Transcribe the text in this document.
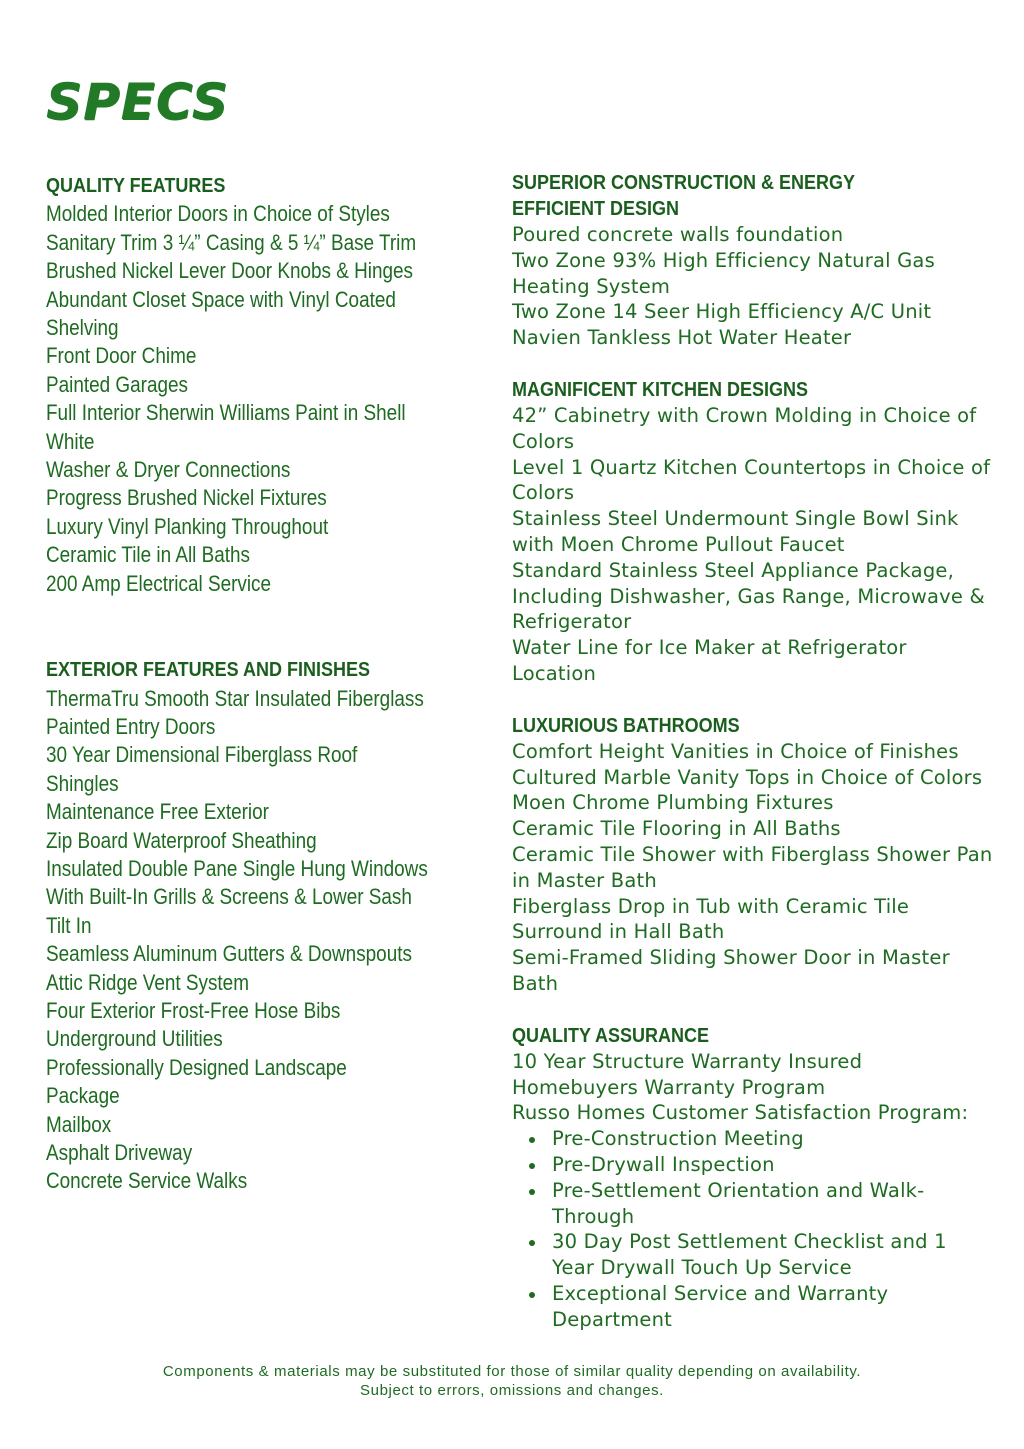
SPECS
QUALITY FEATURES
Molded Interior Doors in Choice of Styles
Sanitary Trim 3 ¼” Casing & 5 ¼” Base Trim
Brushed Nickel Lever Door Knobs & Hinges
Abundant Closet Space with Vinyl Coated
Shelving
Front Door Chime
Painted Garages
Full Interior Sherwin Williams Paint in Shell
White
Washer & Dryer Connections
Progress Brushed Nickel Fixtures
Luxury Vinyl Planking Throughout
Ceramic Tile in All Baths
200 Amp Electrical Service
EXTERIOR FEATURES AND FINISHES
ThermaTru Smooth Star Insulated Fiberglass
Painted Entry Doors
30 Year Dimensional Fiberglass Roof
Shingles
Maintenance Free Exterior
Zip Board Waterproof Sheathing
Insulated Double Pane Single Hung Windows
With Built-In Grills & Screens & Lower Sash
Tilt In
Seamless Aluminum Gutters & Downspouts
Attic Ridge Vent System
Four Exterior Frost-Free Hose Bibs
Underground Utilities
Professionally Designed Landscape
Package
Mailbox
Asphalt Driveway
Concrete Service Walks
SUPERIOR CONSTRUCTION & ENERGY
EFFICIENT DESIGN
Poured concrete walls foundation
Two Zone 93% High Efficiency Natural Gas
Heating System
Two Zone 14 Seer High Efficiency A/C Unit
Navien Tankless Hot Water Heater
MAGNIFICENT KITCHEN DESIGNS
42” Cabinetry with Crown Molding in Choice of
Colors
Level 1 Quartz Kitchen Countertops in Choice of
Colors
Stainless Steel Undermount Single Bowl Sink
with Moen Chrome Pullout Faucet
Standard Stainless Steel Appliance Package,
Including Dishwasher, Gas Range, Microwave &
Refrigerator
Water Line for Ice Maker at Refrigerator
Location
LUXURIOUS BATHROOMS
Comfort Height Vanities in Choice of Finishes
Cultured Marble Vanity Tops in Choice of Colors
Moen Chrome Plumbing Fixtures
Ceramic Tile Flooring in All Baths
Ceramic Tile Shower with Fiberglass Shower Pan
in Master Bath
Fiberglass Drop in Tub with Ceramic Tile
Surround in Hall Bath
Semi-Framed Sliding Shower Door in Master
Bath
QUALITY ASSURANCE
10 Year Structure Warranty Insured
Homebuyers Warranty Program
Russo Homes Customer Satisfaction Program:
Pre-Construction Meeting
Pre-Drywall Inspection
Pre-Settlement Orientation and Walk-
Through
30 Day Post Settlement Checklist and 1
Year Drywall Touch Up Service
Exceptional Service and Warranty
Department

Components & materials may be substituted for those of similar quality depending on availability.

Subject to errors, omissions and changes.
